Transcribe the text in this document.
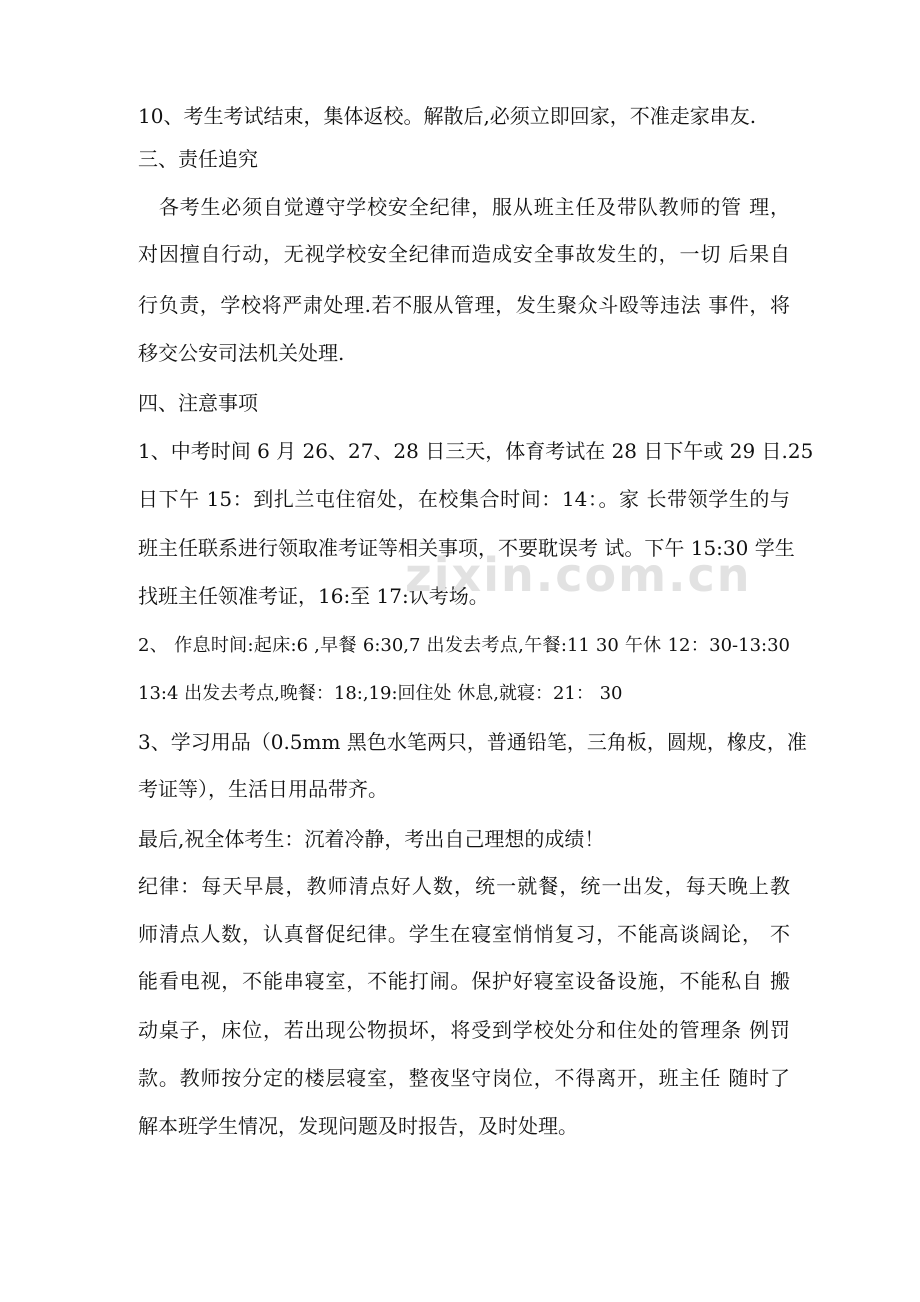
10、考生考试结束，集体返校。解散后,必须立即回家，不准走家串友.
三、责任追究
　各考生必须自觉遵守学校安全纪律，服从班主任及带队教师的管 理，
对因擅自行动，无视学校安全纪律而造成安全事故发生的，一切 后果自
行负责，学校将严肃处理.若不服从管理，发生聚众斗殴等违法 事件，将
移交公安司法机关处理.
四、注意事项
1、中考时间 6 月 26、27、28 日三天，体育考试在 28 日下午或 29 日.25
日下午 15：到扎兰屯住宿处，在校集合时间：14：。家 长带领学生的与
班主任联系进行领取准考证等相关事项，不要耽误考 试。下午 15:30 学生
找班主任领准考证，16:至 17:认考场。
2、 作息时间:起床:6 ,早餐 6:30,7 出发去考点,午餐:11 30 午休 12：30-13:30
13:4 出发去考点,晚餐：18:,19:回住处 休息,就寝：21： 30
3、学习用品（0.5mm 黑色水笔两只，普通铅笔，三角板，圆规，橡皮，准
考证等），生活日用品带齐。
最后,祝全体考生：沉着冷静，考出自己理想的成绩！
纪律：每天早晨，教师清点好人数，统一就餐，统一出发，每天晚上教
师清点人数，认真督促纪律。学生在寝室悄悄复习，不能高谈阔论， 不
能看电视，不能串寝室，不能打闹。保护好寝室设备设施，不能私自 搬
动桌子，床位，若出现公物损坏，将受到学校处分和住处的管理条 例罚
款。教师按分定的楼层寝室，整夜坚守岗位，不得离开，班主任 随时了
解本班学生情况，发现问题及时报告，及时处理。
zixin.com.cn
